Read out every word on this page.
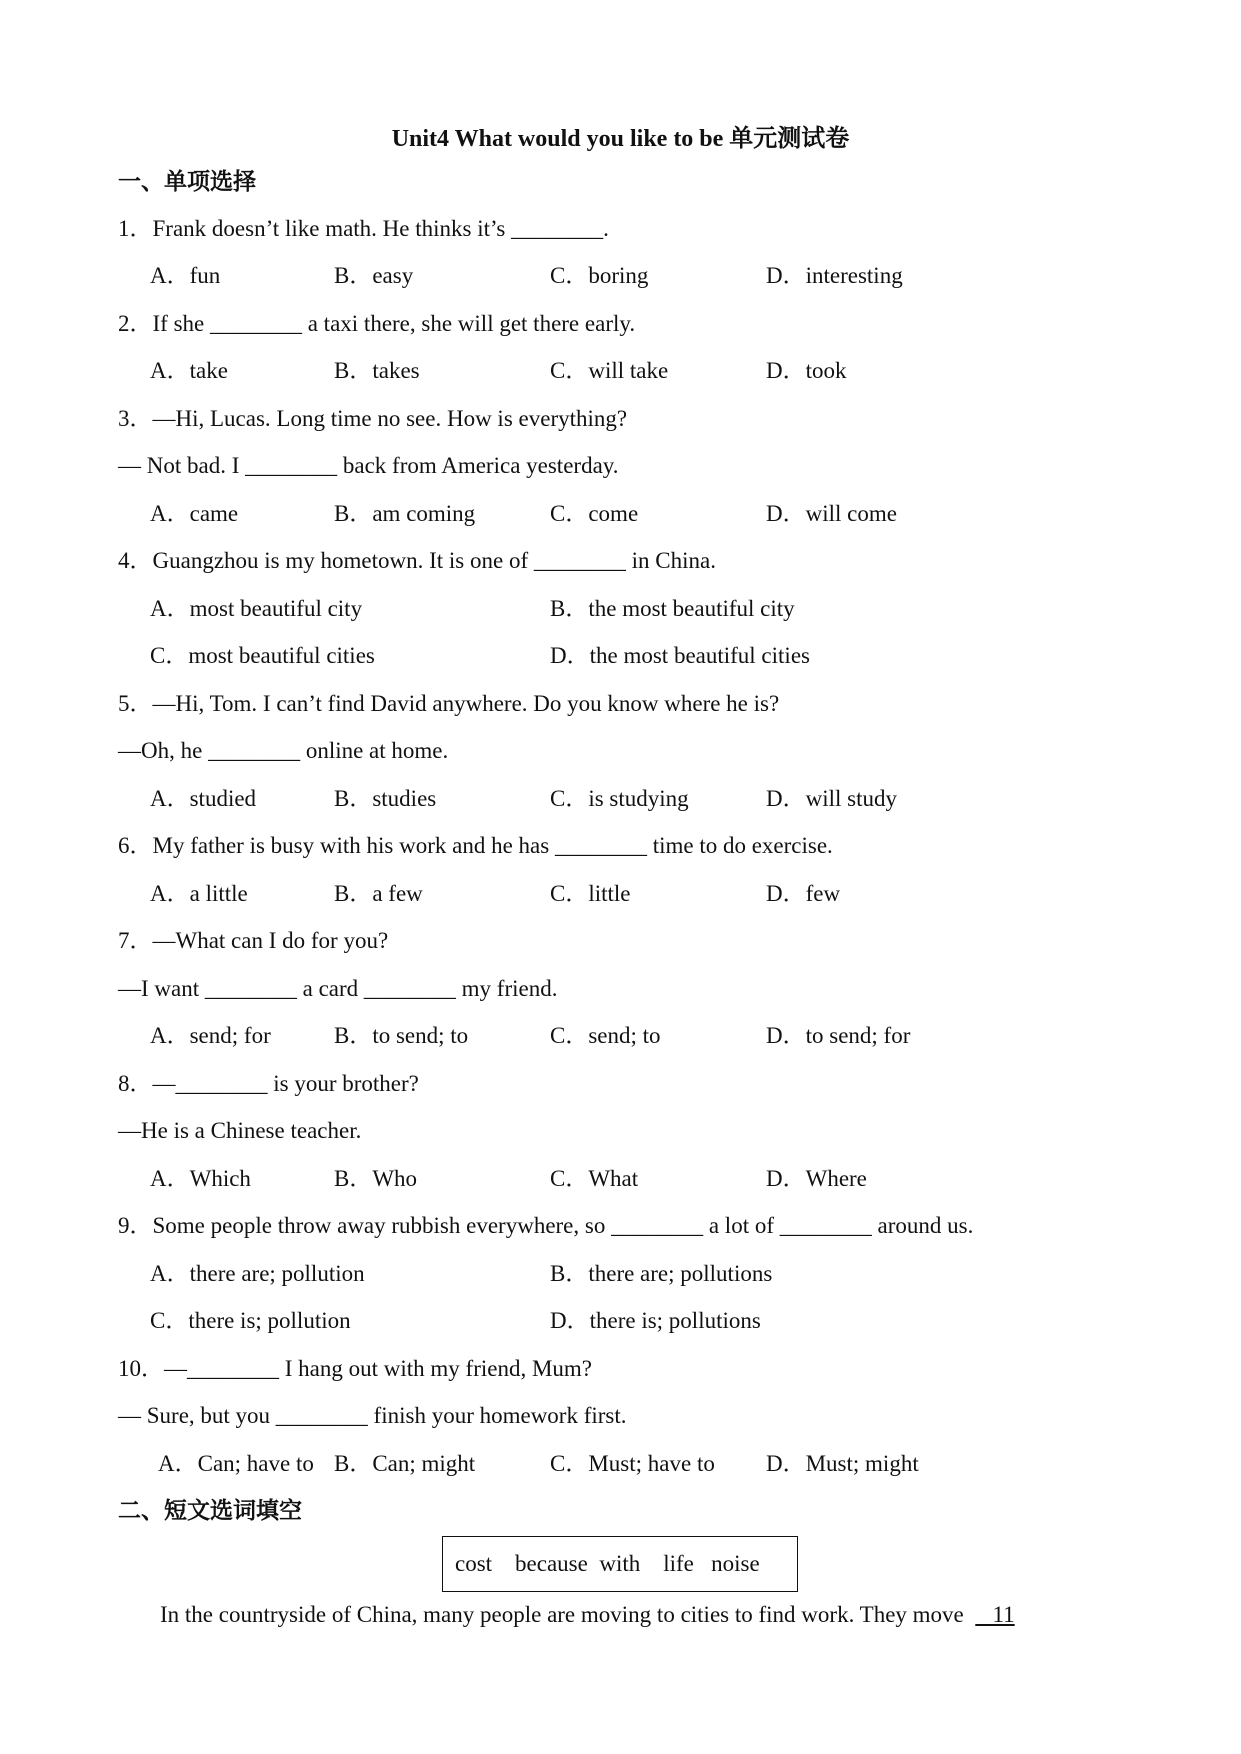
Unit4 What would you like to be 单元测试卷
一、单项选择
1．Frank doesn’t like math. He thinks it’s ________.
A．fun	B．easy	C．boring	D．interesting
2．If she ________ a taxi there, she will get there early.
A．take	B．takes	C．will take	D．took
3．—Hi, Lucas. Long time no see. How is everything?
— Not bad. I ________ back from America yesterday.
A．came	B．am coming	C．come	D．will come
4．Guangzhou is my hometown. It is one of ________ in China.
A．most beautiful city	B．the most beautiful city
C．most beautiful cities	D．the most beautiful cities
5．—Hi, Tom. I can’t find David anywhere. Do you know where he is?
—Oh, he ________ online at home.
A．studied	B．studies	C．is studying	D．will study
6．My father is busy with his work and he has ________ time to do exercise.
A．a little	B．a few	C．little	D．few
7．—What can I do for you?
—I want ________ a card ________ my friend.
A．send; for	B．to send; to	C．send; to	D．to send; for
8．—________ is your brother?
—He is a Chinese teacher.
A．Which	B．Who	C．What	D．Where
9．Some people throw away rubbish everywhere, so ________ a lot of ________ around us.
A．there are; pollution	B．there are; pollutions
C．there is; pollution	D．there is; pollutions
10．—________ I hang out with my friend, Mum?
— Sure, but you ________ finish your homework first.
A．Can; have to B．Can; might	C．Must; have to D．Must; might
二、短文选词填空
cost    because  with    life   noise
In the countryside of China, many people are moving to cities to find work. They move 11
